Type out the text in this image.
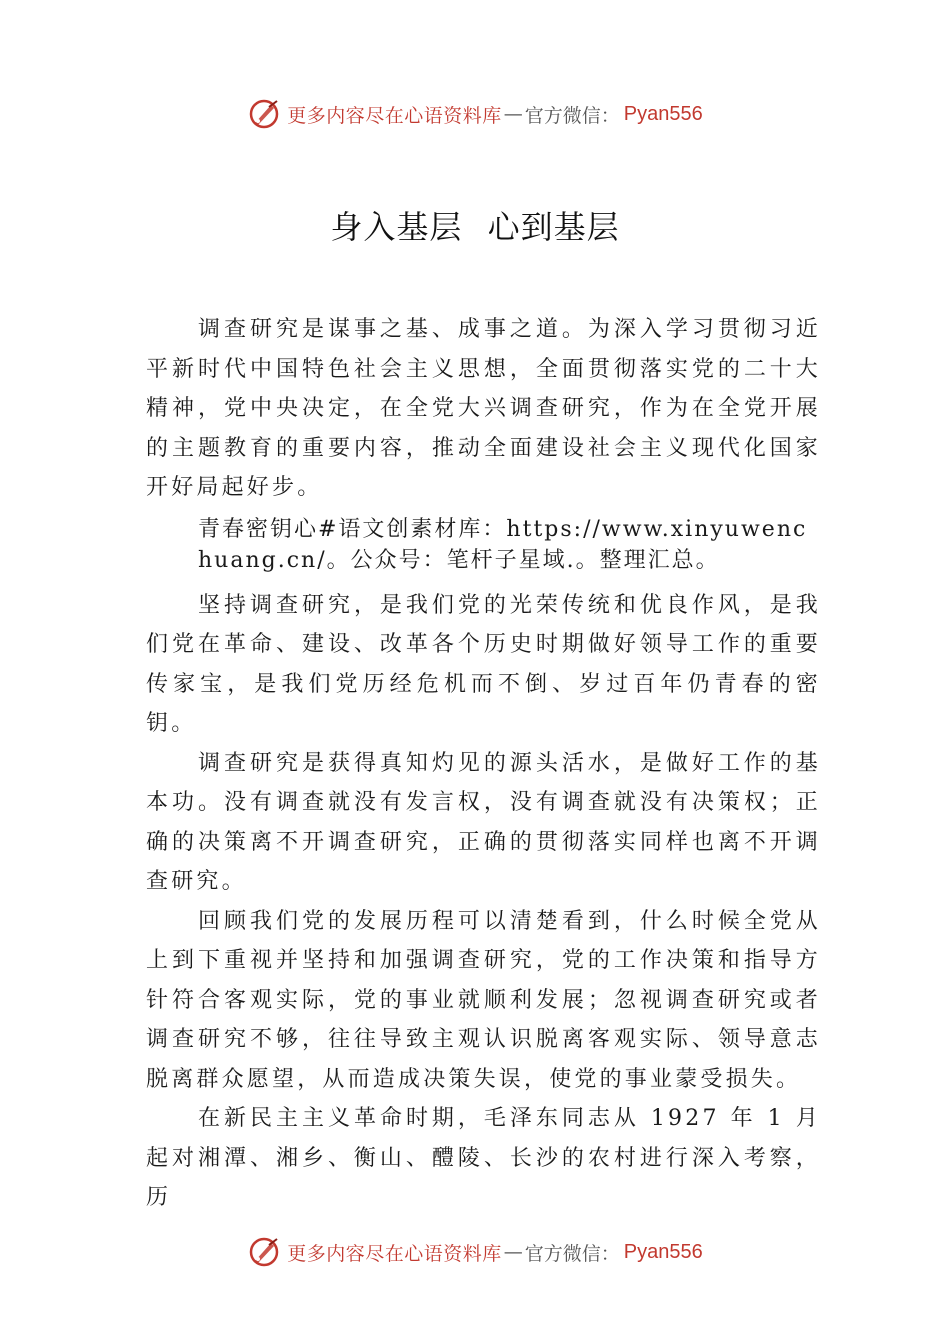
更多内容尽在心语资料库 — 官方微信： Pyan556
身入基层 心到基层

调查研究是谋事之基、成事之道。为深入学习贯彻习近平新时代中国特色社会主义思想，全面贯彻落实党的二十大精神，党中央决定，在全党大兴调查研究，作为在全党开展的主题教育的重要内容，推动全面建设社会主义现代化国家开好局起好步。

青春密钥心#语文创素材库：https://www.xinyuwenchuang.cn/。公众号：笔杆子星域.。整理汇总。

坚持调查研究，是我们党的光荣传统和优良作风，是我们党在革命、建设、改革各个历史时期做好领导工作的重要传家宝，是我们党历经危机而不倒、岁过百年仍青春的密钥。

调查研究是获得真知灼见的源头活水，是做好工作的基本功。没有调查就没有发言权，没有调查就没有决策权；正确的决策离不开调查研究，正确的贯彻落实同样也离不开调查研究。

回顾我们党的发展历程可以清楚看到，什么时候全党从上到下重视并坚持和加强调查研究，党的工作决策和指导方针符合客观实际，党的事业就顺利发展；忽视调查研究或者调查研究不够，往往导致主观认识脱离客观实际、领导意志脱离群众愿望，从而造成决策失误，使党的事业蒙受损失。

在新民主主义革命时期，毛泽东同志从 1927 年 1 月起对湘潭、湘乡、衡山、醴陵、长沙的农村进行深入考察，历

更多内容尽在心语资料库 — 官方微信： Pyan556
